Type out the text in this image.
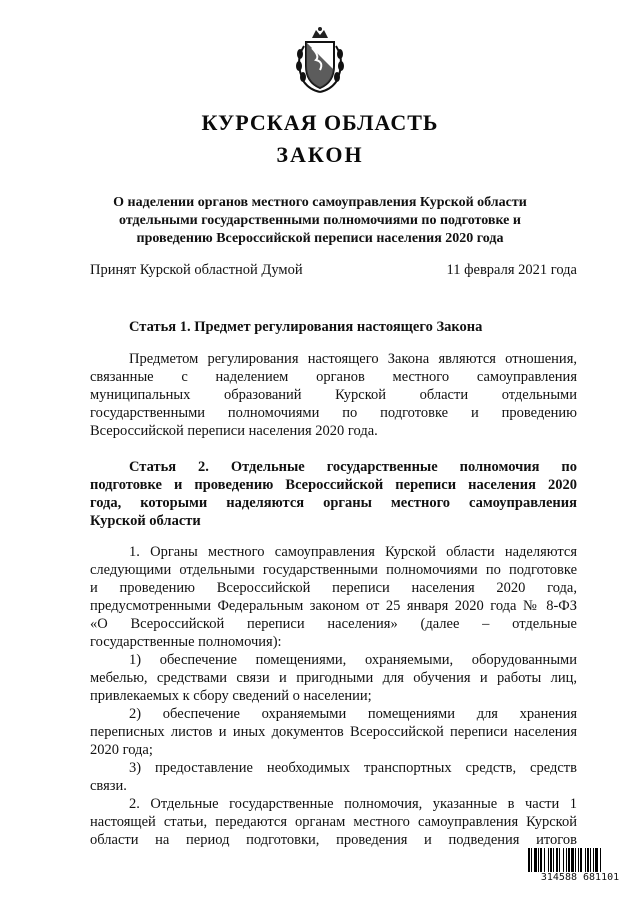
КУРСКАЯ ОБЛАСТЬ
ЗАКОН
О наделении органов местного самоуправления Курской области
отдельными государственными полномочиями по подготовке и
проведению Всероссийской переписи населения 2020 года
Принят Курской областной Думой	11 февраля 2021 года
Статья 1. Предмет регулирования настоящего Закона
Предметом регулирования настоящего Закона являются отношения,
связанные с наделением органов местного самоуправления
муниципальных образований Курской области отдельными
государственными полномочиями по подготовке и проведению
Всероссийской переписи населения 2020 года.
Статья 2. Отдельные государственные полномочия по
подготовке и проведению Всероссийской переписи населения 2020
года, которыми наделяются органы местного самоуправления
Курской области
1. Органы местного самоуправления Курской области наделяются
следующими отдельными государственными полномочиями по подготовке
и проведению Всероссийской переписи населения 2020 года,
предусмотренными Федеральным законом от 25 января 2020 года № 8-ФЗ
«О Всероссийской переписи населения» (далее – отдельные
государственные полномочия):
1) обеспечение помещениями, охраняемыми, оборудованными
мебелью, средствами связи и пригодными для обучения и работы лиц,
привлекаемых к сбору сведений о населении;
2) обеспечение охраняемыми помещениями для хранения
переписных листов и иных документов Всероссийской переписи населения
2020 года;
3) предоставление необходимых транспортных средств, средств
связи.
2. Отдельные государственные полномочия, указанные в части 1
настоящей статьи, передаются органам местного самоуправления Курской
области на период подготовки, проведения и подведения итогов
314588 681101
